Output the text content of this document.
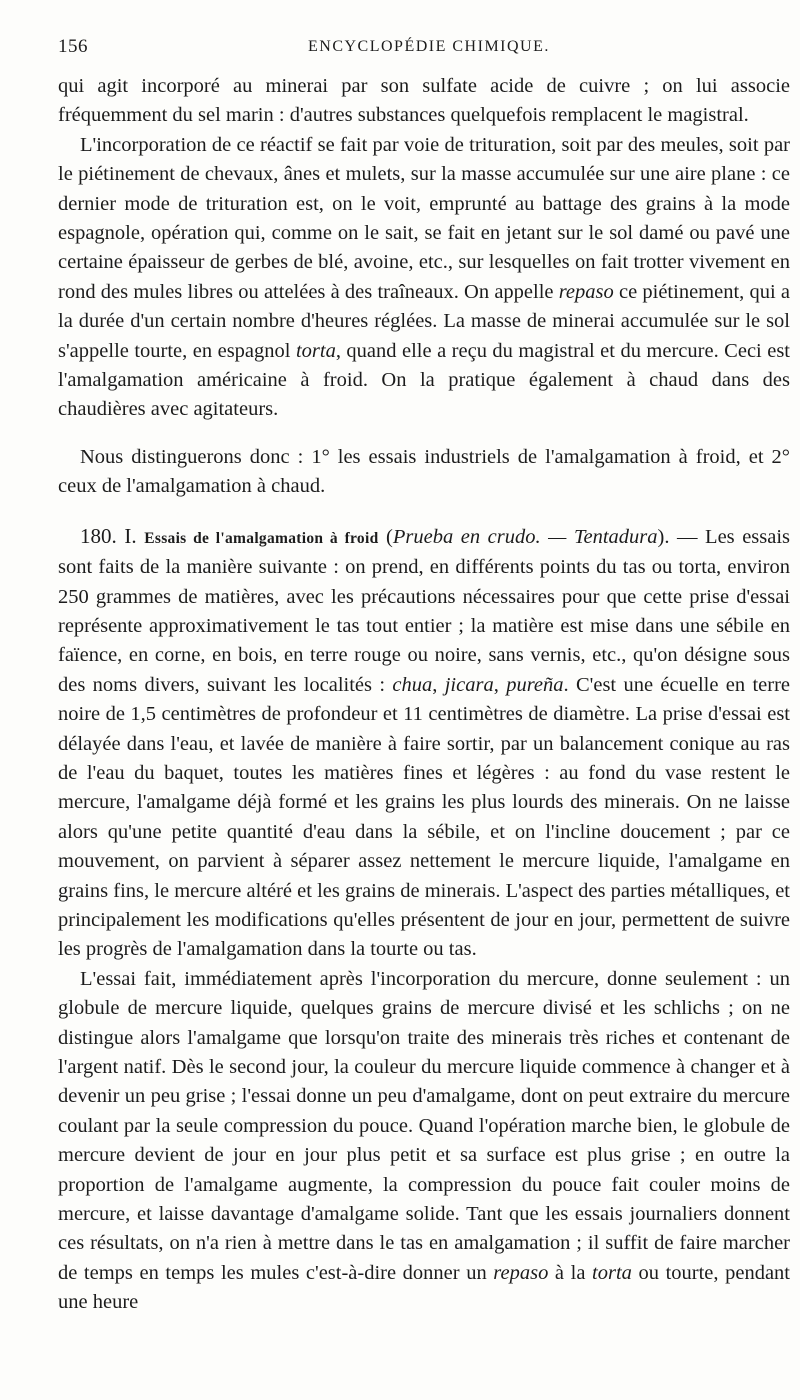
156	ENCYCLOPÉDIE CHIMIQUE.

qui agit incorporé au minerai par son sulfate acide de cuivre ; on lui associe fréquemment du sel marin : d'autres substances quelquefois remplacent le magistral.

L'incorporation de ce réactif se fait par voie de trituration, soit par des meules, soit par le piétinement de chevaux, ânes et mulets, sur la masse accumulée sur une aire plane : ce dernier mode de trituration est, on le voit, emprunté au battage des grains à la mode espagnole, opération qui, comme on le sait, se fait en jetant sur le sol damé ou pavé une certaine épaisseur de gerbes de blé, avoine, etc., sur lesquelles on fait trotter vivement en rond des mules libres ou attelées à des traîneaux. On appelle repaso ce piétinement, qui a la durée d'un certain nombre d'heures réglées. La masse de minerai accumulée sur le sol s'appelle tourte, en espagnol torta, quand elle a reçu du magistral et du mercure. Ceci est l'amalgamation américaine à froid. On la pratique également à chaud dans des chaudières avec agitateurs.

Nous distinguerons donc : 1° les essais industriels de l'amalgamation à froid, et 2° ceux de l'amalgamation à chaud.

180. I. Essais de l'amalgamation à froid (Prueba en crudo. — Tentadura). — Les essais sont faits de la manière suivante : on prend, en différents points du tas ou torta, environ 250 grammes de matières, avec les précautions nécessaires pour que cette prise d'essai représente approximativement le tas tout entier ; la matière est mise dans une sébile en faïence, en corne, en bois, en terre rouge ou noire, sans vernis, etc., qu'on désigne sous des noms divers, suivant les localités : chua, jicara, pureña. C'est une écuelle en terre noire de 1,5 centimètres de profondeur et 11 centimètres de diamètre. La prise d'essai est délayée dans l'eau, et lavée de manière à faire sortir, par un balancement conique au ras de l'eau du baquet, toutes les matières fines et légères : au fond du vase restent le mercure, l'amalgame déjà formé et les grains les plus lourds des minerais. On ne laisse alors qu'une petite quantité d'eau dans la sébile, et on l'incline doucement ; par ce mouvement, on parvient à séparer assez nettement le mercure liquide, l'amalgame en grains fins, le mercure altéré et les grains de minerais. L'aspect des parties métalliques, et principalement les modifications qu'elles présentent de jour en jour, permettent de suivre les progrès de l'amalgamation dans la tourte ou tas.

L'essai fait, immédiatement après l'incorporation du mercure, donne seulement : un globule de mercure liquide, quelques grains de mercure divisé et les schlichs ; on ne distingue alors l'amalgame que lorsqu'on traite des minerais très riches et contenant de l'argent natif. Dès le second jour, la couleur du mercure liquide commence à changer et à devenir un peu grise ; l'essai donne un peu d'amalgame, dont on peut extraire du mercure coulant par la seule compression du pouce. Quand l'opération marche bien, le globule de mercure devient de jour en jour plus petit et sa surface est plus grise ; en outre la proportion de l'amalgame augmente, la compression du pouce fait couler moins de mercure, et laisse davantage d'amalgame solide. Tant que les essais journaliers donnent ces résultats, on n'a rien à mettre dans le tas en amalgamation ; il suffit de faire marcher de temps en temps les mules c'est-à-dire donner un repaso à la torta ou tourte, pendant une heure
